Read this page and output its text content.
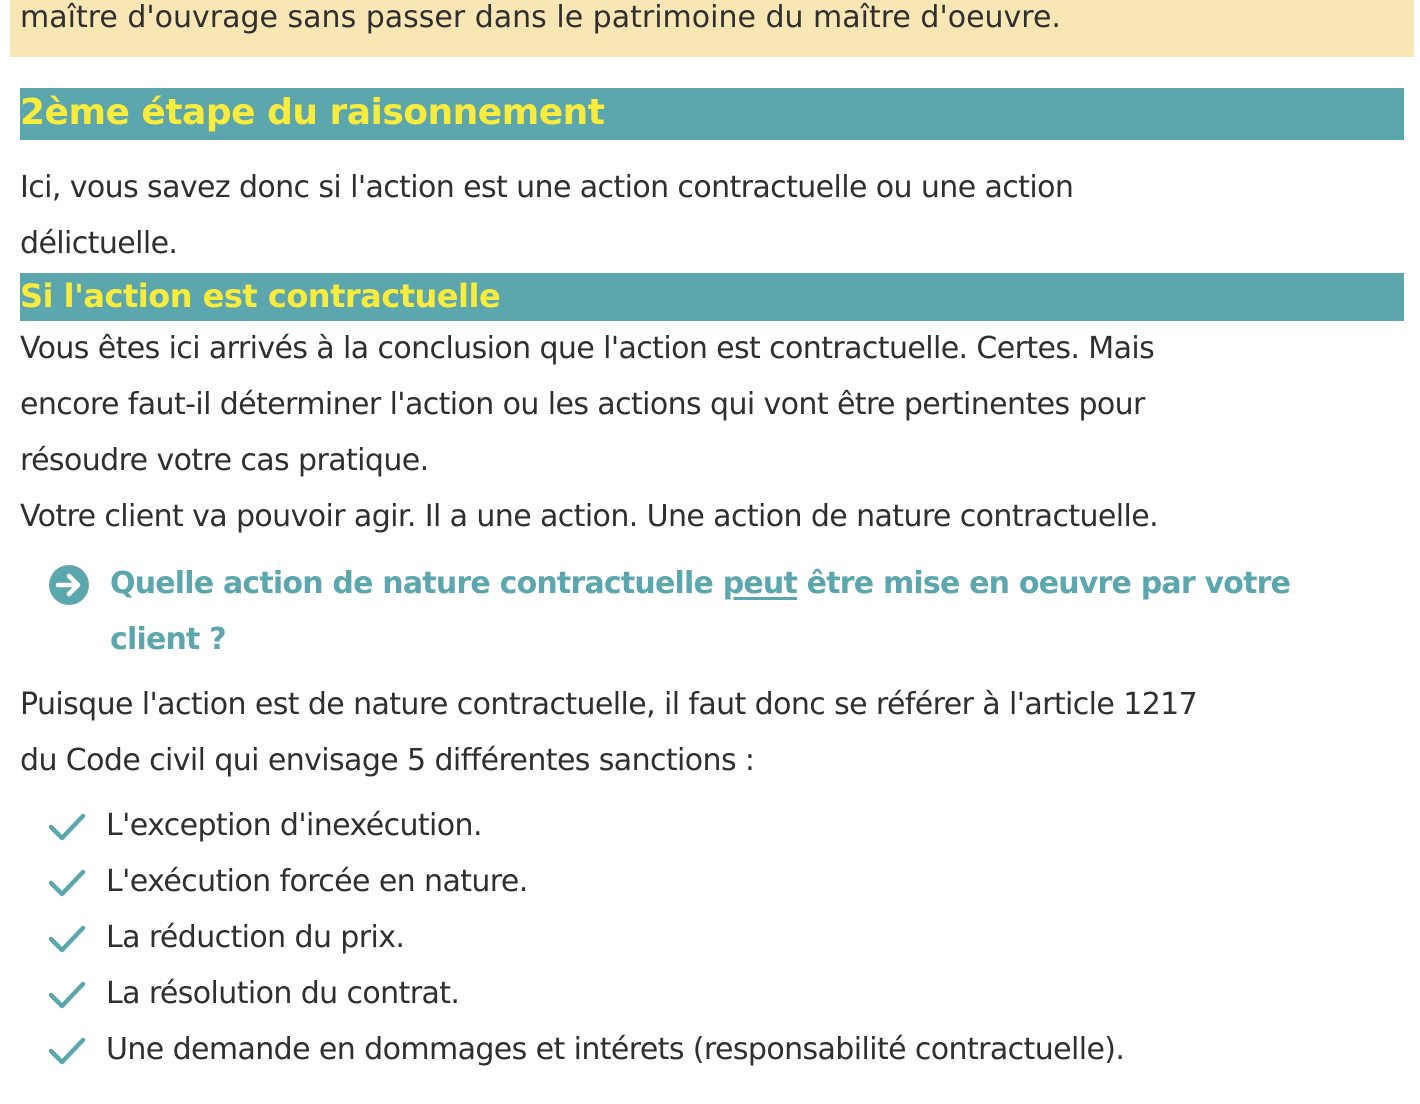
maître d'ouvrage sans passer dans le patrimoine du maître d'oeuvre.

2ème étape du raisonnement

Ici, vous savez donc si l'action est une action contractuelle ou une action

délictuelle.

Si l'action est contractuelle

Vous êtes ici arrivés à la conclusion que l'action est contractuelle. Certes. Mais

encore faut-il déterminer l'action ou les actions qui vont être pertinentes pour

résoudre votre cas pratique.

Votre client va pouvoir agir. Il a une action. Une action de nature contractuelle.

Quelle action de nature contractuelle peut être mise en oeuvre par votre

client ?

Puisque l'action est de nature contractuelle, il faut donc se référer à l'article 1217

du Code civil qui envisage 5 différentes sanctions :

L'exception d'inexécution.
L'exécution forcée en nature.
La réduction du prix.
La résolution du contrat.
Une demande en dommages et intérets (responsabilité contractuelle).
